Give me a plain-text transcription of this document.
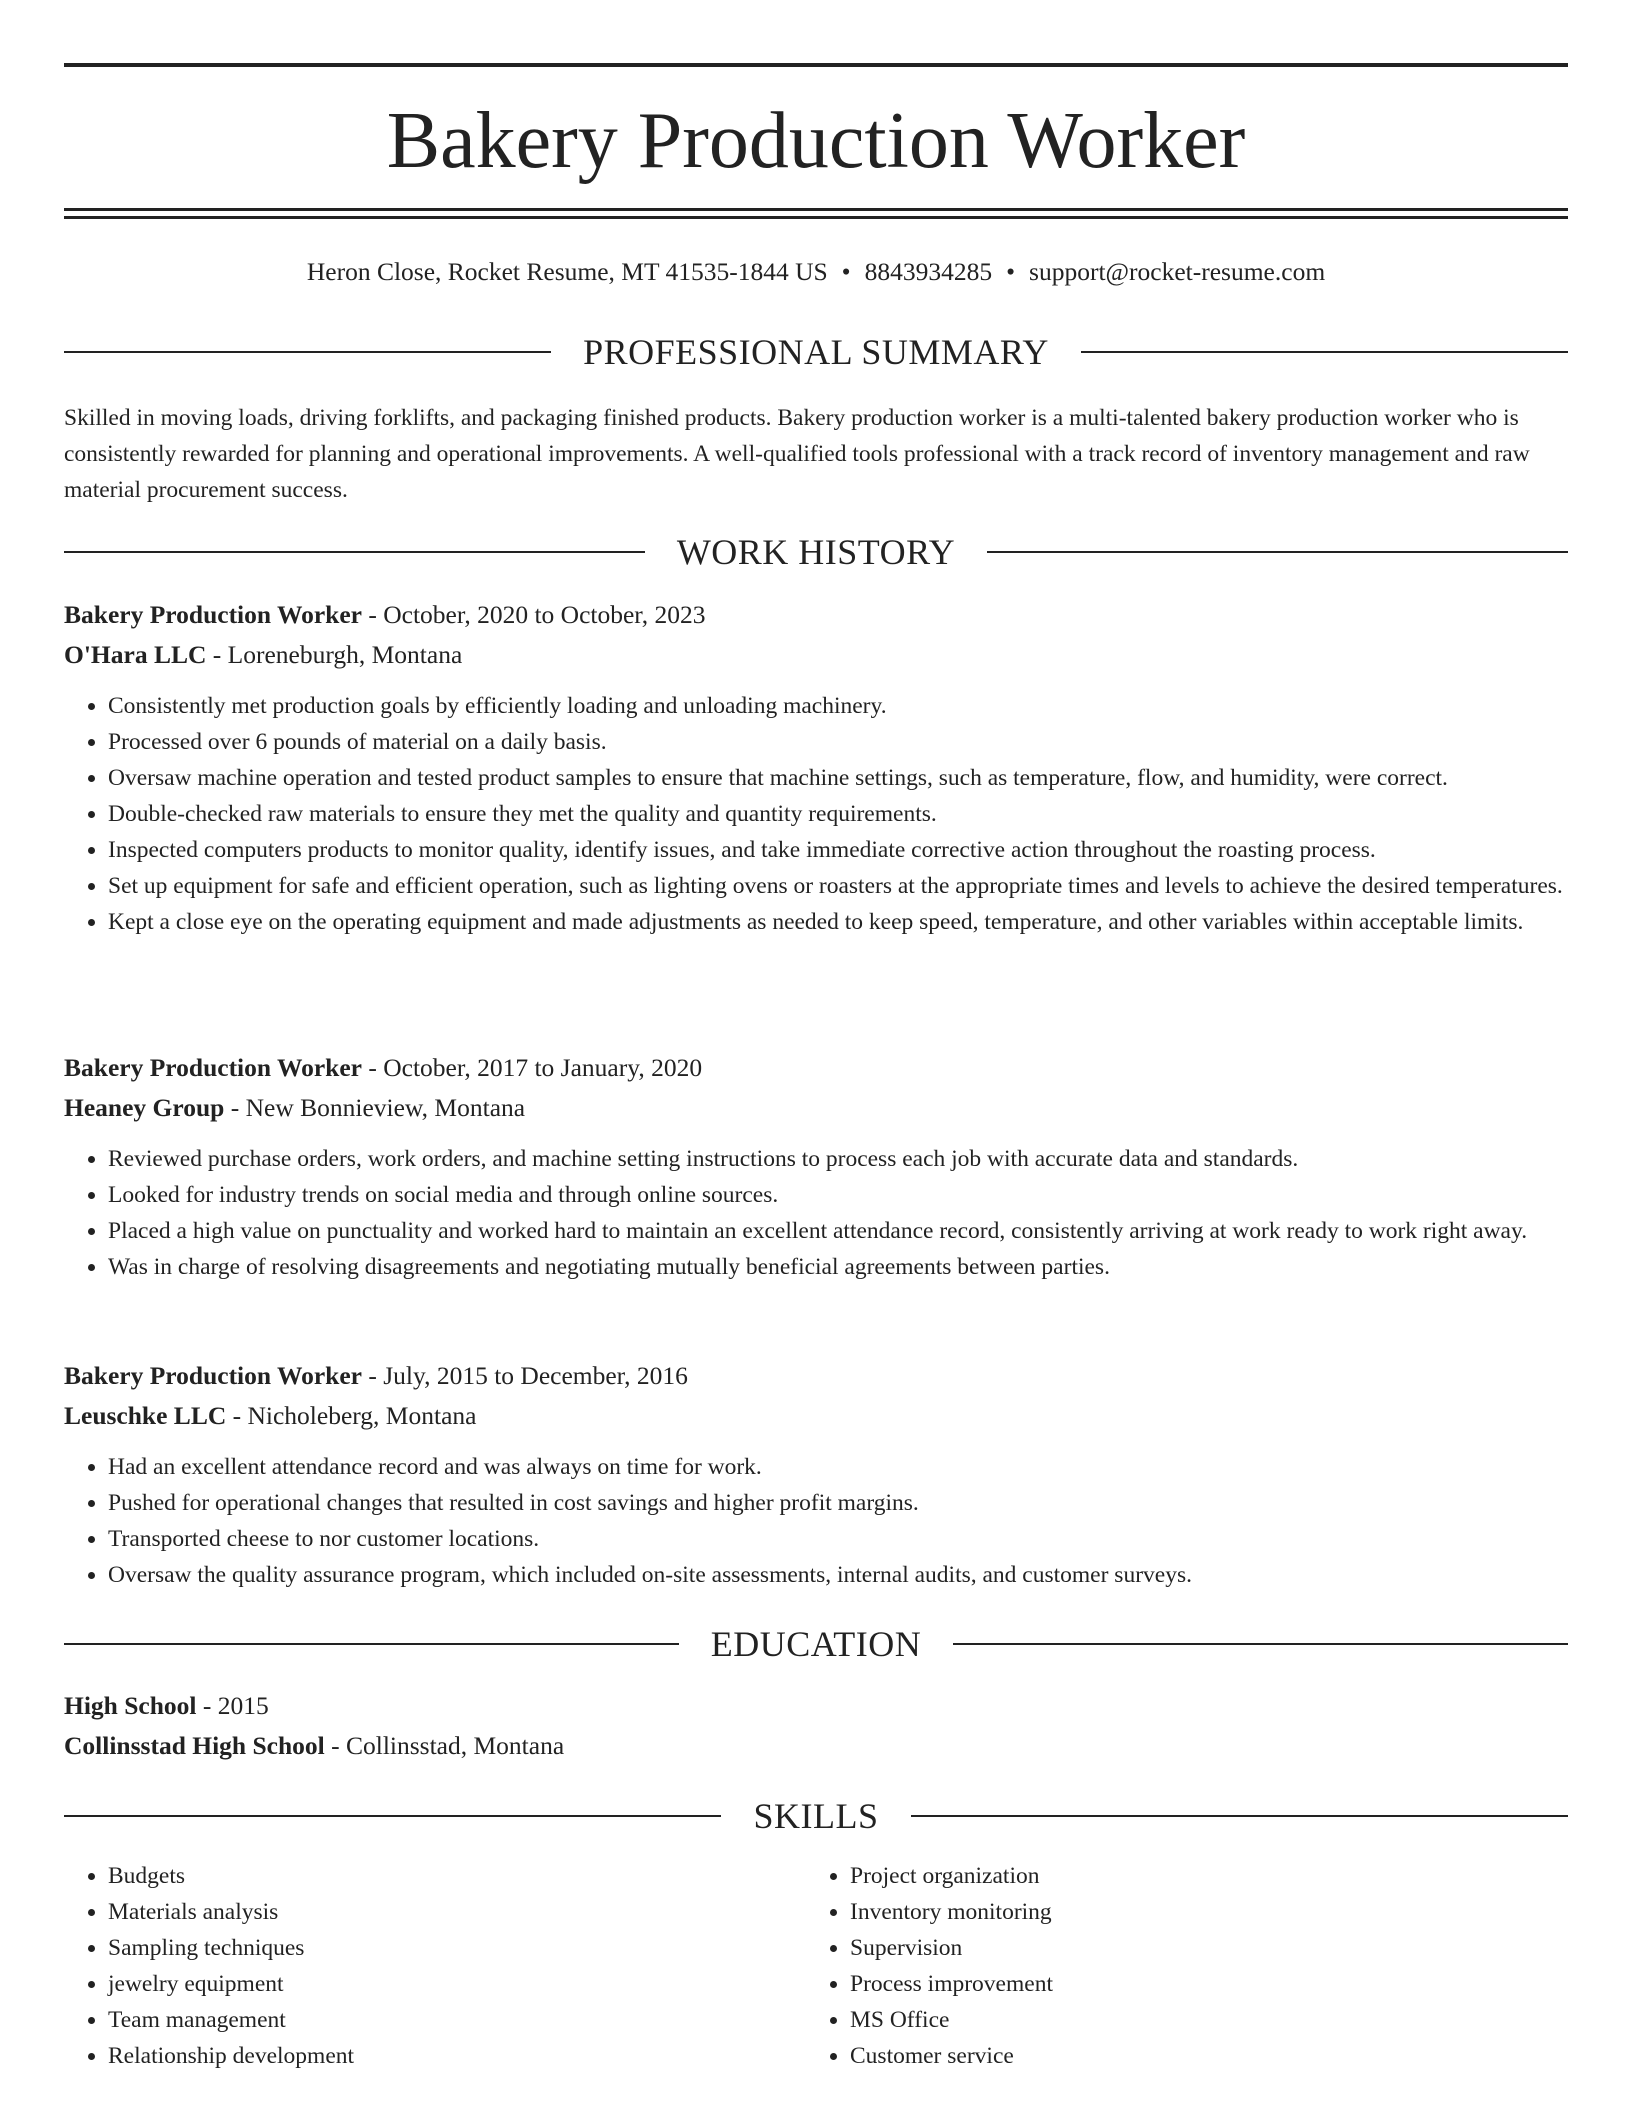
Bakery Production Worker
Heron Close, Rocket Resume, MT 41535-1844 US • 8843934285 • support@rocket-resume.com
PROFESSIONAL SUMMARY

Skilled in moving loads, driving forklifts, and packaging finished products. Bakery production worker is a multi-talented bakery production worker who is consistently rewarded for planning and operational improvements. A well-qualified tools professional with a track record of inventory management and raw material procurement success.

WORK HISTORY
Bakery Production Worker - October, 2020 to October, 2023
O'Hara LLC - Loreneburgh, Montana
• Consistently met production goals by efficiently loading and unloading machinery.
• Processed over 6 pounds of material on a daily basis.
• Oversaw machine operation and tested product samples to ensure that machine settings, such as temperature, flow, and humidity, were correct.
• Double-checked raw materials to ensure they met the quality and quantity requirements.
• Inspected computers products to monitor quality, identify issues, and take immediate corrective action throughout the roasting process.
• Set up equipment for safe and efficient operation, such as lighting ovens or roasters at the appropriate times and levels to achieve the desired temperatures.
• Kept a close eye on the operating equipment and made adjustments as needed to keep speed, temperature, and other variables within acceptable limits.
Bakery Production Worker - October, 2017 to January, 2020
Heaney Group - New Bonnieview, Montana
• Reviewed purchase orders, work orders, and machine setting instructions to process each job with accurate data and standards.
• Looked for industry trends on social media and through online sources.
• Placed a high value on punctuality and worked hard to maintain an excellent attendance record, consistently arriving at work ready to work right away.
• Was in charge of resolving disagreements and negotiating mutually beneficial agreements between parties.
Bakery Production Worker - July, 2015 to December, 2016
Leuschke LLC - Nicholeberg, Montana
• Had an excellent attendance record and was always on time for work.
• Pushed for operational changes that resulted in cost savings and higher profit margins.
• Transported cheese to nor customer locations.
• Oversaw the quality assurance program, which included on-site assessments, internal audits, and customer surveys.
EDUCATION
High School - 2015
Collinsstad High School - Collinsstad, Montana
SKILLS
• Budgets
• Materials analysis
• Sampling techniques
• jewelry equipment
• Team management
• Relationship development
• Project organization
• Inventory monitoring
• Supervision
• Process improvement
• MS Office
• Customer service
